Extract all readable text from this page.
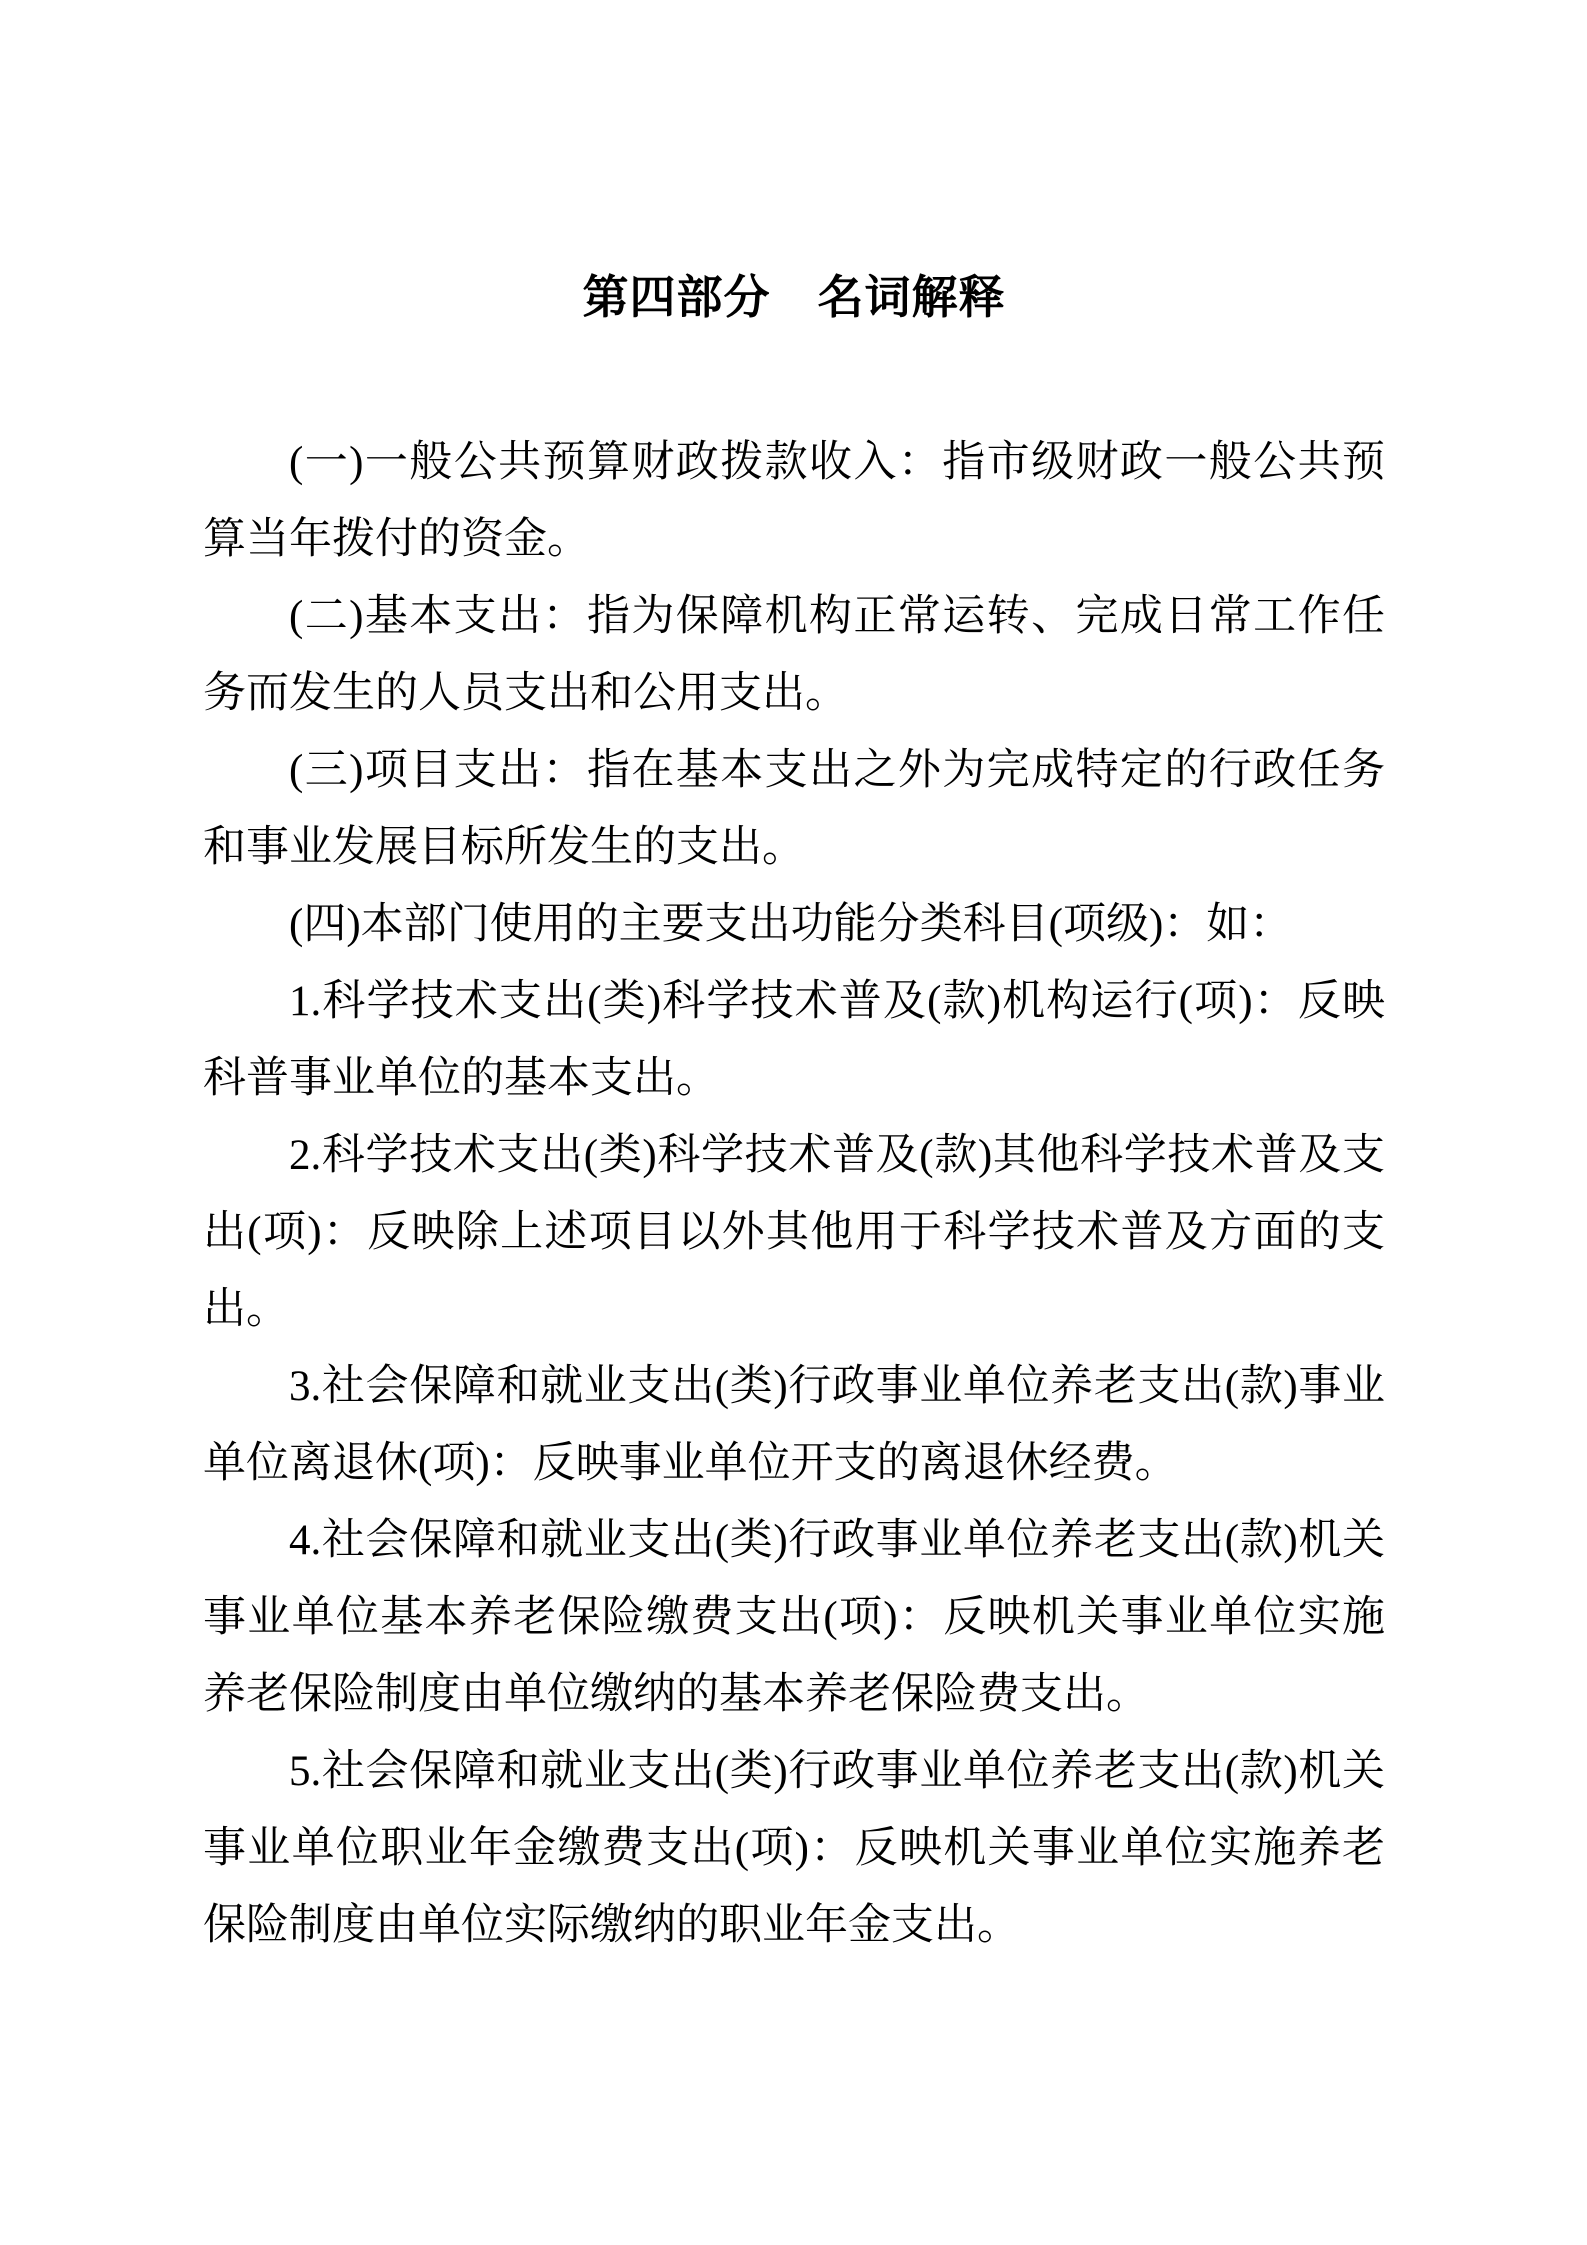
第四部分　名词解释

(一)一般公共预算财政拨款收入：指市级财政一般公共预算当年拨付的资金。

(二)基本支出：指为保障机构正常运转、完成日常工作任务而发生的人员支出和公用支出。

(三)项目支出：指在基本支出之外为完成特定的行政任务和事业发展目标所发生的支出。

(四)本部门使用的主要支出功能分类科目(项级)：如：

1.科学技术支出(类)科学技术普及(款)机构运行(项)：反映科普事业单位的基本支出。

2.科学技术支出(类)科学技术普及(款)其他科学技术普及支出(项)：反映除上述项目以外其他用于科学技术普及方面的支出。

3.社会保障和就业支出(类)行政事业单位养老支出(款)事业单位离退休(项)：反映事业单位开支的离退休经费。

4.社会保障和就业支出(类)行政事业单位养老支出(款)机关事业单位基本养老保险缴费支出(项)：反映机关事业单位实施养老保险制度由单位缴纳的基本养老保险费支出。

5.社会保障和就业支出(类)行政事业单位养老支出(款)机关事业单位职业年金缴费支出(项)：反映机关事业单位实施养老保险制度由单位实际缴纳的职业年金支出。
